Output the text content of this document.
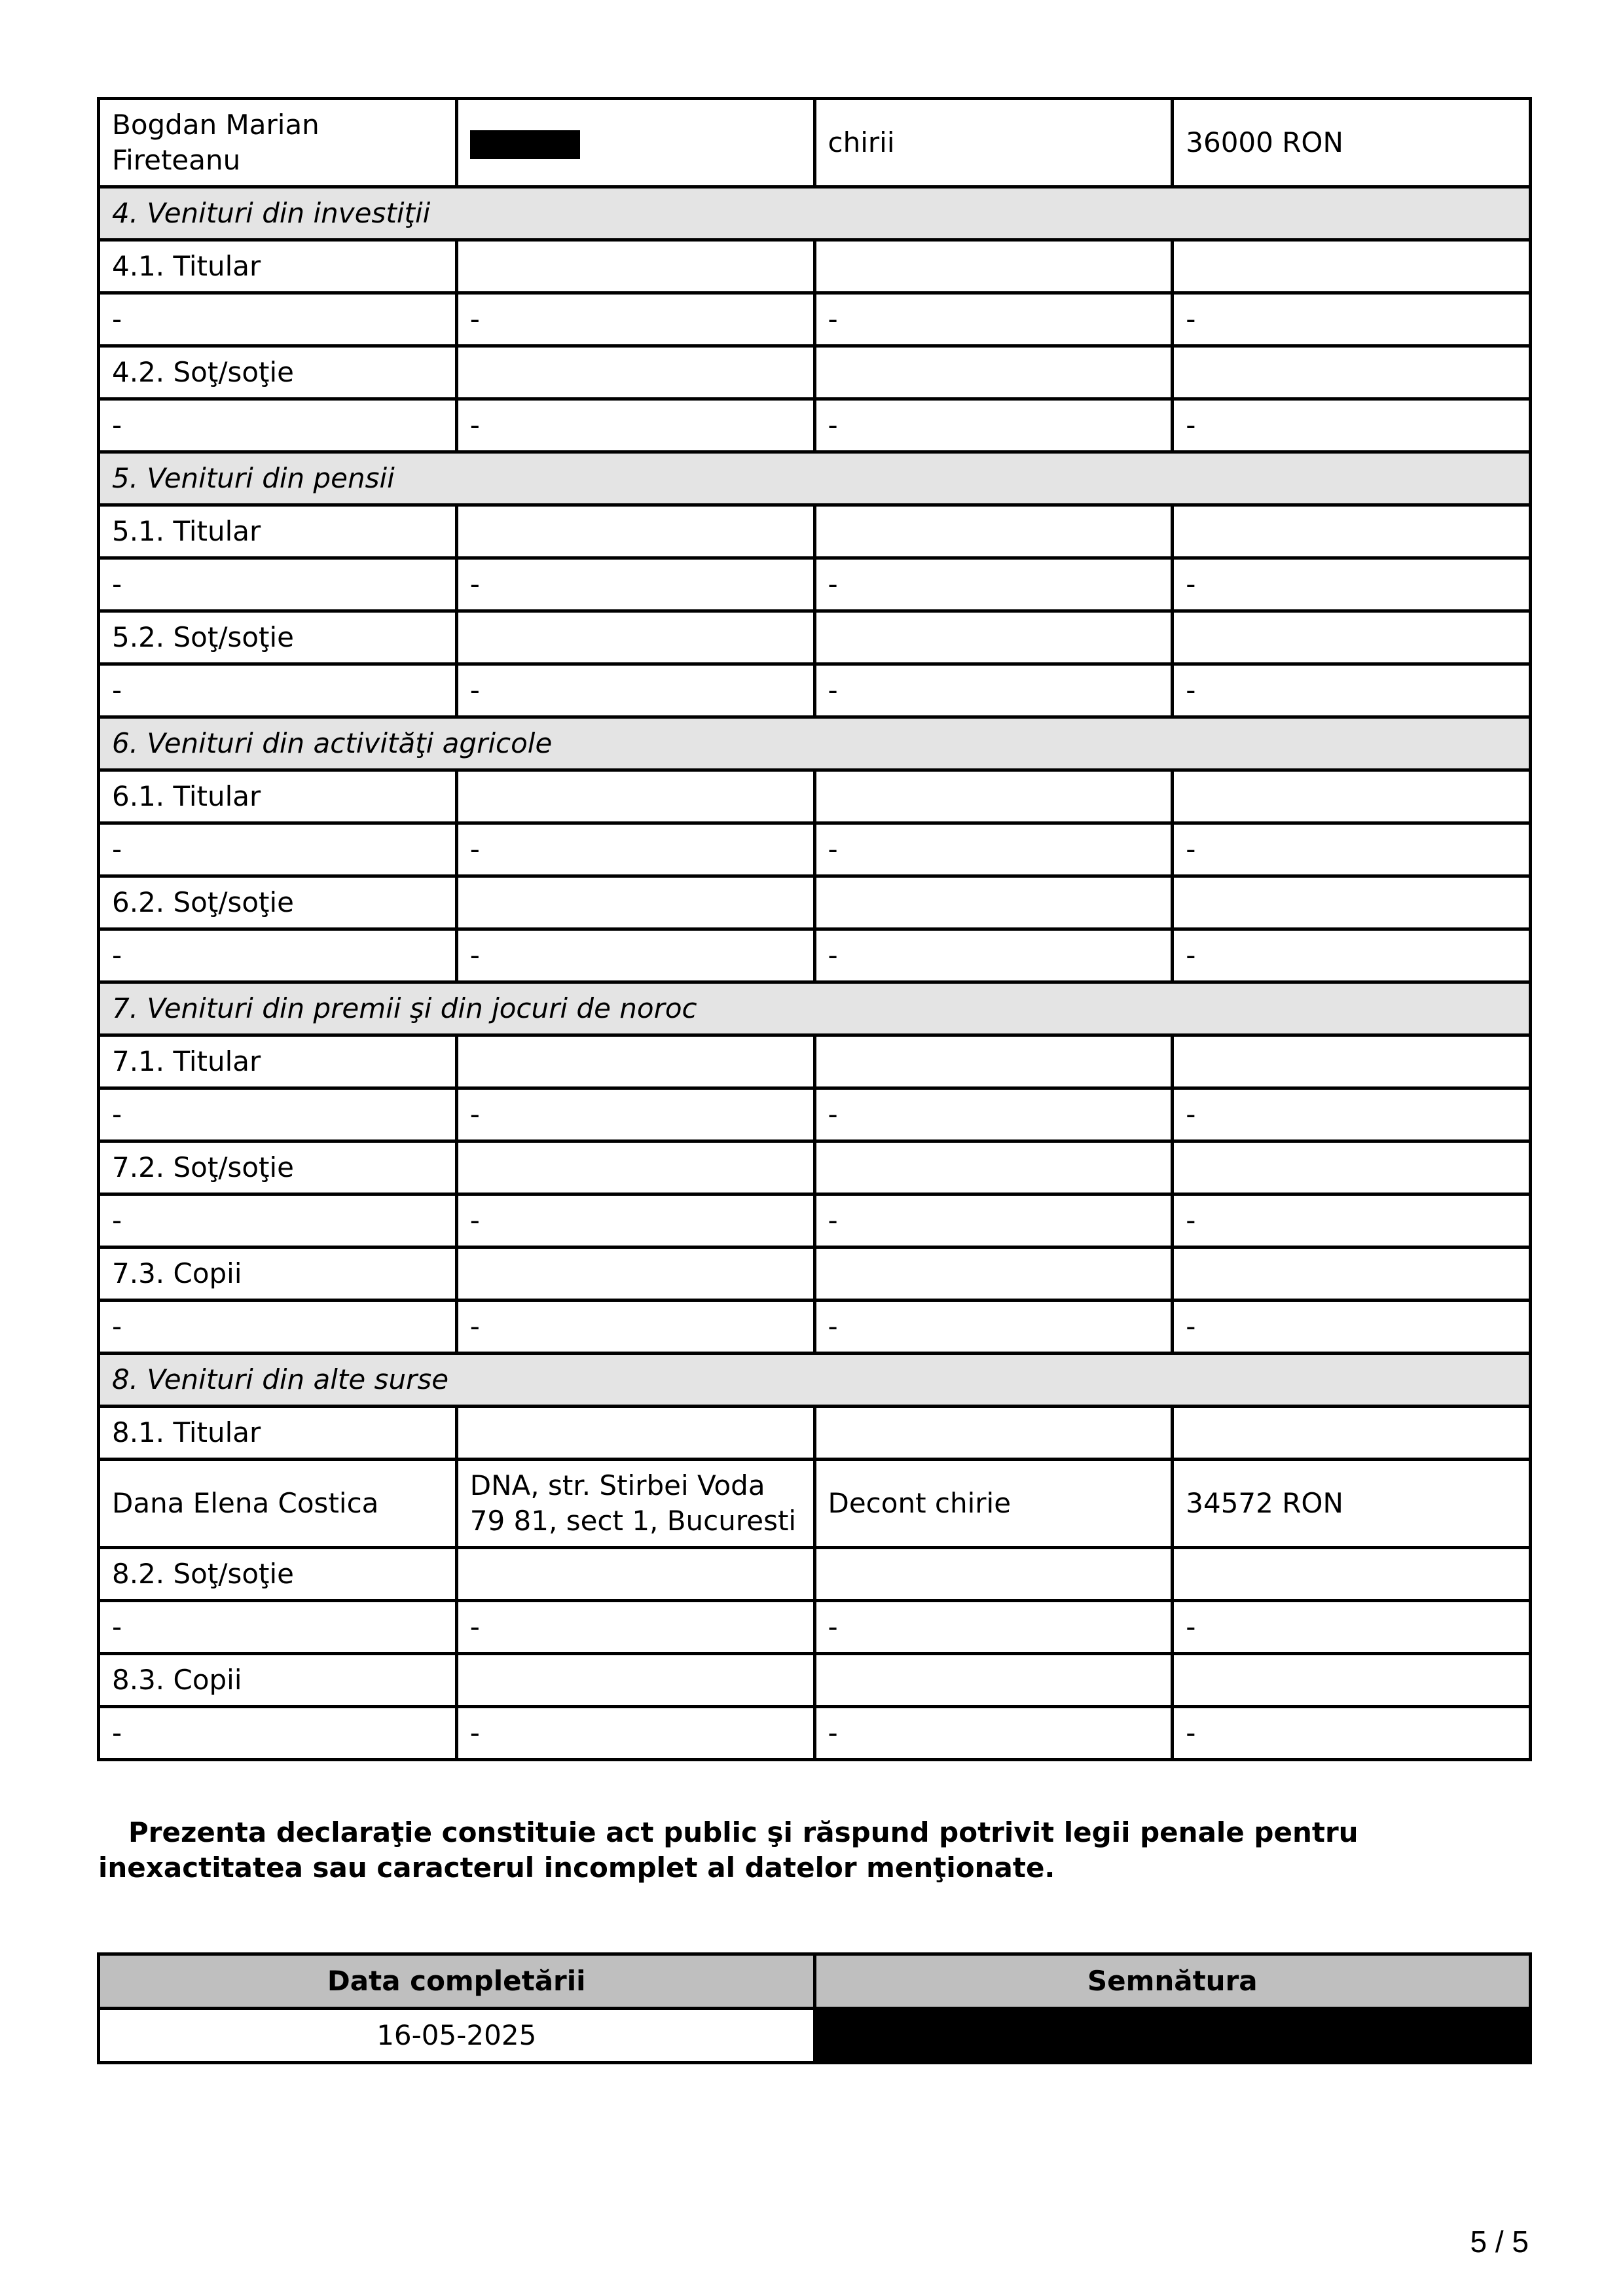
Bogdan Marian Fireteanu		chirii	36000 RON
4. Venituri din investiţii			
4.1. Titular			
-	-	-	-
4.2. Soţ/soţie			
-	-	-	-
5. Venituri din pensii			
5.1. Titular			
-	-	-	-
5.2. Soţ/soţie			
-	-	-	-
6. Venituri din activităţi agricole			
6.1. Titular			
-	-	-	-
6.2. Soţ/soţie			
-	-	-	-
7. Venituri din premii şi din jocuri de noroc			
7.1. Titular			
-	-	-	-
7.2. Soţ/soţie			
-	-	-	-
7.3. Copii			
-	-	-	-
8. Venituri din alte surse			
8.1. Titular			
Dana Elena Costica	DNA, str. Stirbei Voda 79 81, sect 1, Bucuresti	Decont chirie	34572 RON
8.2. Soţ/soţie			
-	-	-	-
8.3. Copii			
-	-	-	-
Prezenta declaraţie constituie act public şi răspund potrivit legii penale pentru inexactitatea sau caracterul incomplet al datelor menţionate.
Data completării	Semnătura
16-05-2025	
5 / 5
